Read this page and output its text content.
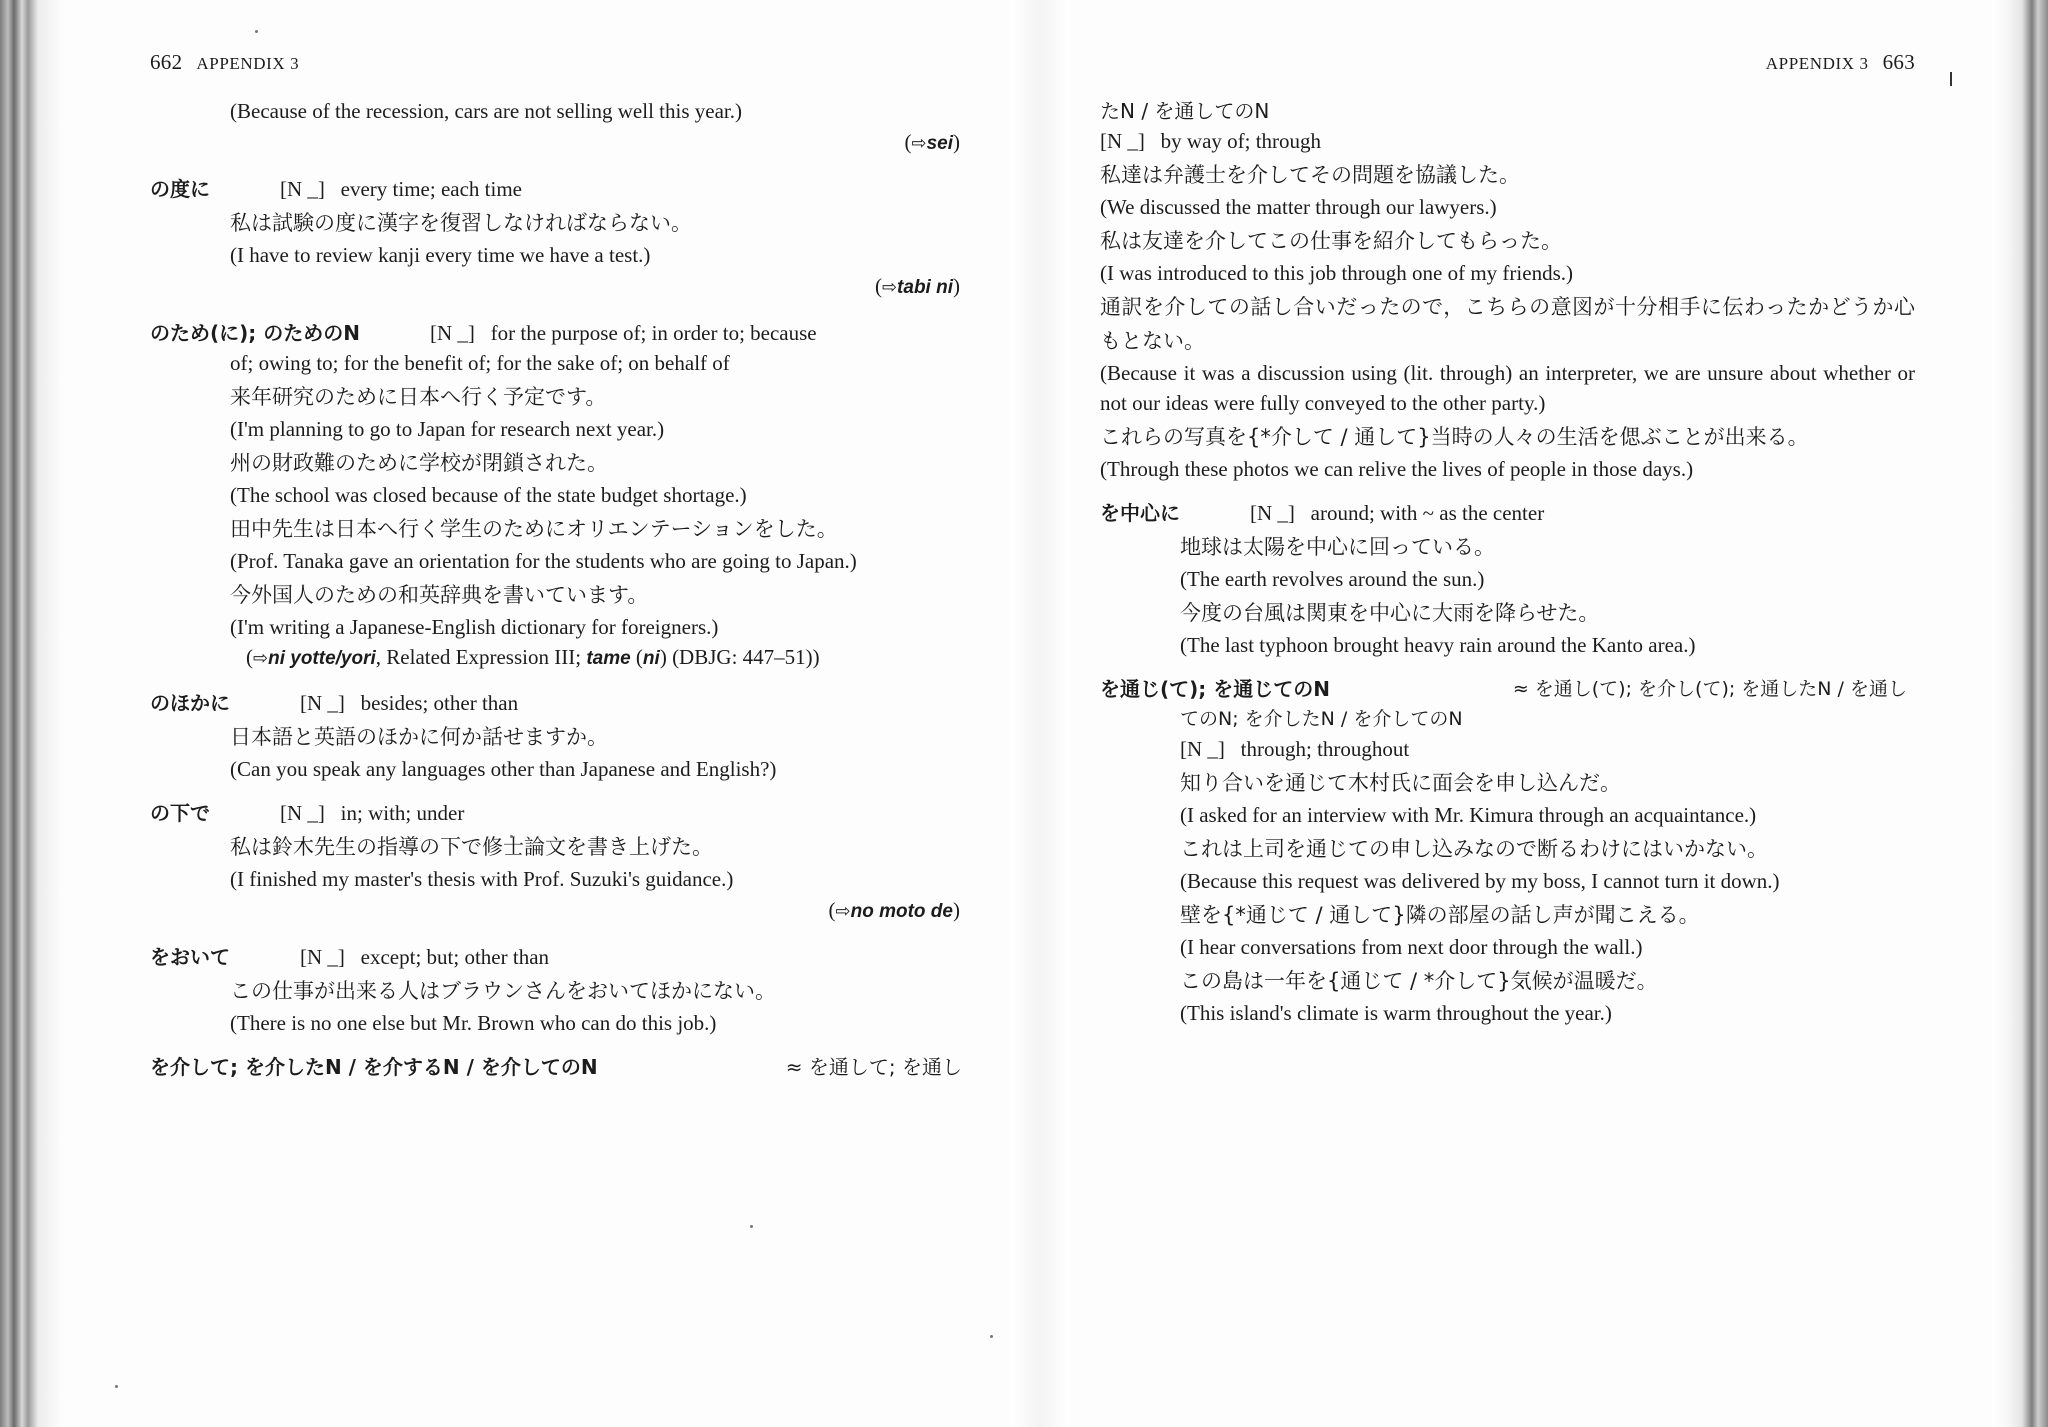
662 APPENDIX 3
(Because of the recession, cars are not selling well this year.)
(⇨sei)
の度に	[N _] every time; each time
私は試験の度に漢字を復習しなければならない。
(I have to review kanji every time we have a test.)
(⇨tabi ni)
のため(に); のためのN	[N _] for the purpose of; in order to; because
of; owing to; for the benefit of; for the sake of; on behalf of
来年研究のために日本へ行く予定です。
(I'm planning to go to Japan for research next year.)
州の財政難のために学校が閉鎖された。
(The school was closed because of the state budget shortage.)
田中先生は日本へ行く学生のためにオリエンテーションをした。
(Prof. Tanaka gave an orientation for the students who are going to Japan.)
今外国人のための和英辞典を書いています。
(I'm writing a Japanese-English dictionary for foreigners.)
(⇨ni yotte/yori, Related Expression III; tame (ni) (DBJG: 447–51))
のほかに	[N _] besides; other than
日本語と英語のほかに何か話せますか。
(Can you speak any languages other than Japanese and English?)
の下で	[N _] in; with; under
私は鈴木先生の指導の下で修士論文を書き上げた。
(I finished my master's thesis with Prof. Suzuki's guidance.)
(⇨no moto de)
をおいて	[N _] except; but; other than
この仕事が出来る人はブラウンさんをおいてほかにない。
(There is no one else but Mr. Brown who can do this job.)
を介して; を介したN / を介するN / を介してのN	≈ を通して; を通し
APPENDIX 3 663
たN / を通してのN
[N _] by way of; through
私達は弁護士を介してその問題を協議した。
(We discussed the matter through our lawyers.)
私は友達を介してこの仕事を紹介してもらった。
(I was introduced to this job through one of my friends.)
通訳を介しての話し合いだったので，こちらの意図が十分相手に伝わったかどうか心もとない。
(Because it was a discussion using (lit. through) an interpreter, we are unsure about whether or not our ideas were fully conveyed to the other party.)
これらの写真を{*介して / 通して}当時の人々の生活を偲ぶことが出来る。
(Through these photos we can relive the lives of people in those days.)
を中心に	[N _] around; with ~ as the center
地球は太陽を中心に回っている。
(The earth revolves around the sun.)
今度の台風は関東を中心に大雨を降らせた。
(The last typhoon brought heavy rain around the Kanto area.)
を通じ(て); を通じてのN	≈ を通し(て); を介し(て); を通したN / を通し
てのN; を介したN / を介してのN
[N _] through; throughout
知り合いを通じて木村氏に面会を申し込んだ。
(I asked for an interview with Mr. Kimura through an acquaintance.)
これは上司を通じての申し込みなので断るわけにはいかない。
(Because this request was delivered by my boss, I cannot turn it down.)
壁を{*通じて / 通して}隣の部屋の話し声が聞こえる。
(I hear conversations from next door through the wall.)
この島は一年を{通じて / *介して}気候が温暖だ。
(This island's climate is warm throughout the year.)
